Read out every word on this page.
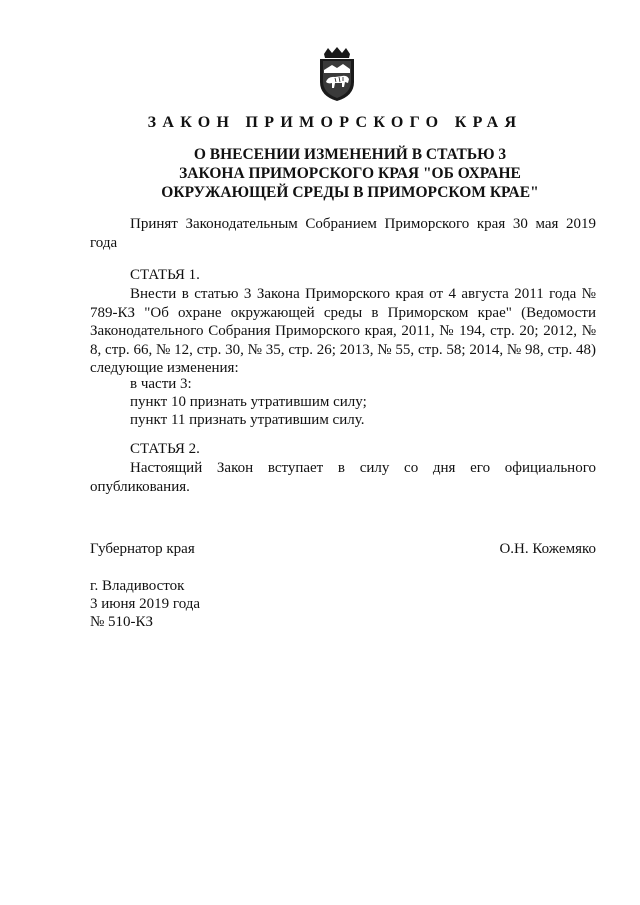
ЗАКОН ПРИМОРСКОГО КРАЯ
О ВНЕСЕНИИ ИЗМЕНЕНИЙ В СТАТЬЮ 3
ЗАКОНА ПРИМОРСКОГО КРАЯ "ОБ ОХРАНЕ
ОКРУЖАЮЩЕЙ СРЕДЫ В ПРИМОРСКОМ КРАЕ"
Принят Законодательным Собранием Приморского края 30 мая 2019 года
СТАТЬЯ 1.
Внести в статью 3 Закона Приморского края от 4 августа 2011 года № 789-КЗ "Об охране окружающей среды в Приморском крае" (Ведомости Законодательного Собрания Приморского края, 2011, № 194, стр. 20; 2012, № 8, стр. 66, № 12, стр. 30, № 35, стр. 26; 2013, № 55, стр. 58; 2014, № 98, стр. 48) следующие изменения:
в части 3:
пункт 10 признать утратившим силу;
пункт 11 признать утратившим силу.
СТАТЬЯ 2.
Настоящий Закон вступает в силу со дня его официального опубликования.
Губернатор края	О.Н. Кожемяко
г. Владивосток
3 июня 2019 года
№ 510-КЗ
